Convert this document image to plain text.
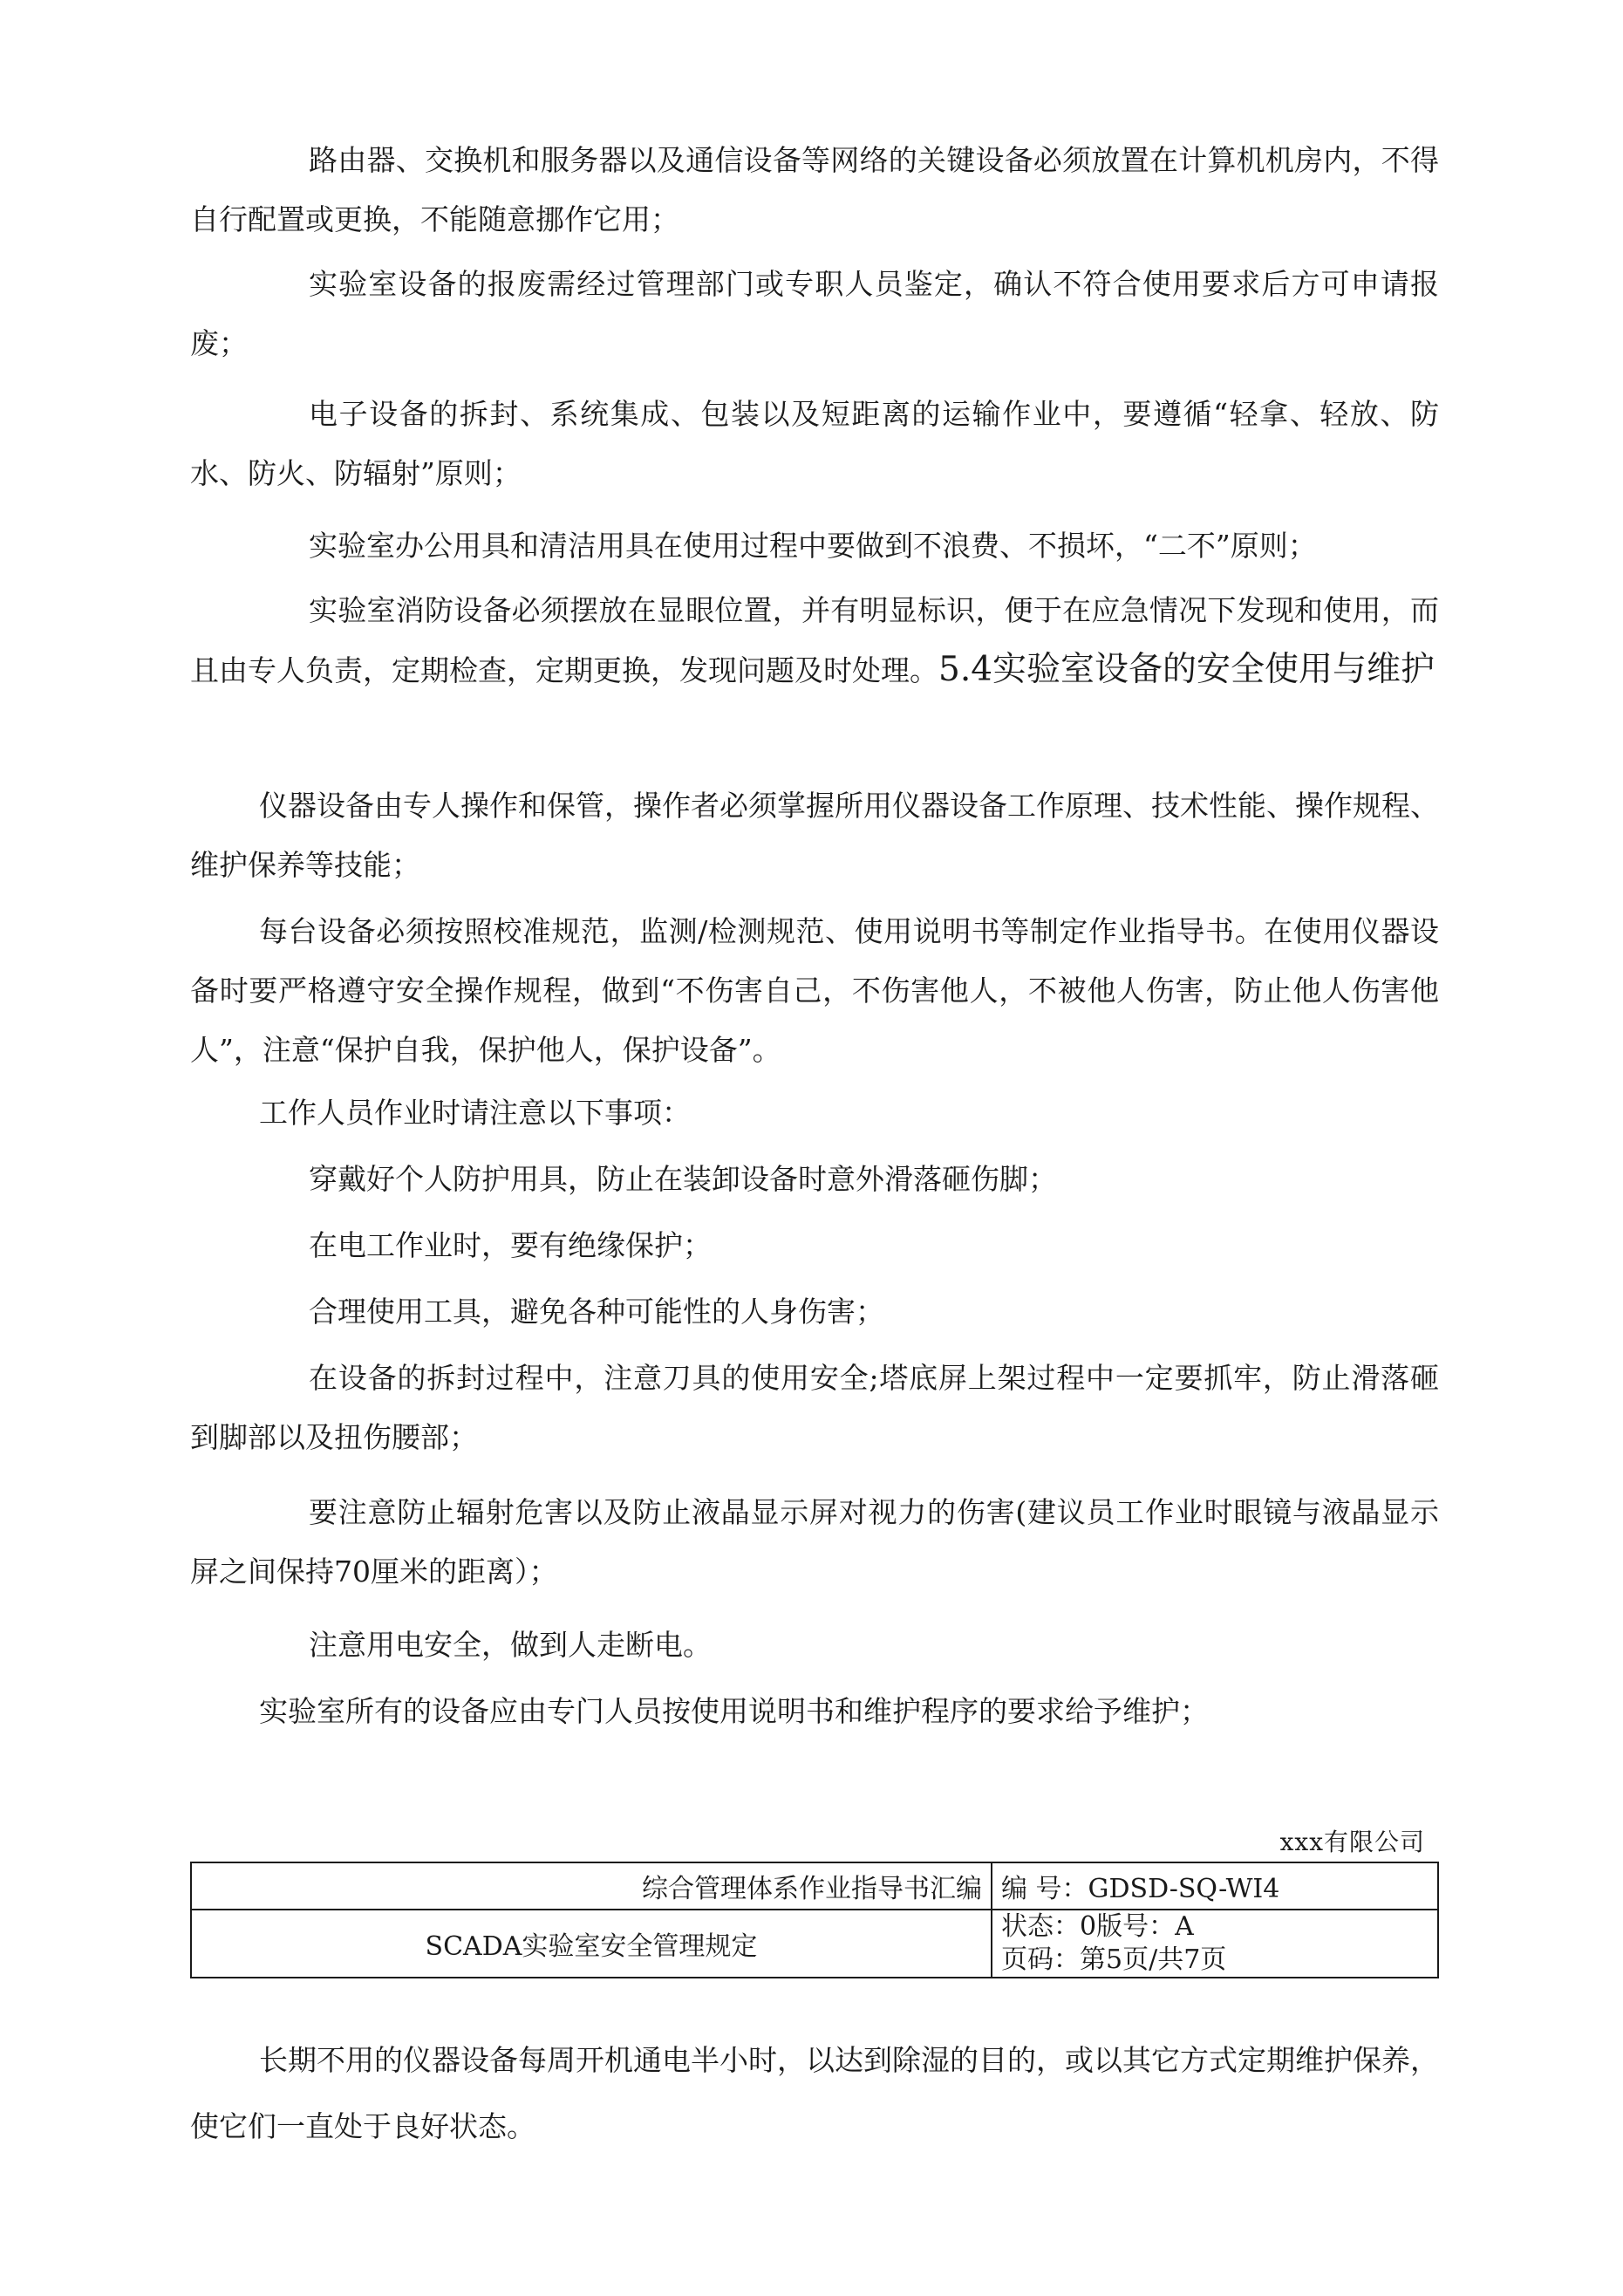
路由器、交换机和服务器以及通信设备等网络的关键设备必须放置在计算机机房内，不得自行配置或更换，不能随意挪作它用；

实验室设备的报废需经过管理部门或专职人员鉴定，确认不符合使用要求后方可申请报废；

电子设备的拆封、系统集成、包装以及短距离的运输作业中，要遵循“轻拿、轻放、防水、防火、防辐射”原则；

实验室办公用具和清洁用具在使用过程中要做到不浪费、不损坏，“二不”原则；

实验室消防设备必须摆放在显眼位置，并有明显标识，便于在应急情况下发现和使用，而且由专人负责，定期检查，定期更换，发现问题及时处理。5.4实验室设备的安全使用与维护

仪器设备由专人操作和保管，操作者必须掌握所用仪器设备工作原理、技术性能、操作规程、维护保养等技能；

每台设备必须按照校准规范，监测/检测规范、使用说明书等制定作业指导书。在使用仪器设备时要严格遵守安全操作规程，做到“不伤害自己，不伤害他人，不被他人伤害，防止他人伤害他人”，注意“保护自我，保护他人，保护设备”。

工作人员作业时请注意以下事项：

穿戴好个人防护用具，防止在装卸设备时意外滑落砸伤脚；

在电工作业时，要有绝缘保护；

合理使用工具，避免各种可能性的人身伤害；

在设备的拆封过程中，注意刀具的使用安全;塔底屏上架过程中一定要抓牢，防止滑落砸到脚部以及扭伤腰部；

要注意防止辐射危害以及防止液晶显示屏对视力的伤害(建议员工作业时眼镜与液晶显示屏之间保持70厘米的距离）；

注意用电安全，做到人走断电。

实验室所有的设备应由专门人员按使用说明书和维护程序的要求给予维护；

xxx有限公司
综合管理体系作业指导书汇编	编 号：GDSD-SQ-WI4
SCADA实验室安全管理规定	状态：0版号：A
页码：第5页/共7页

长期不用的仪器设备每周开机通电半小时，以达到除湿的目的，或以其它方式定期维护保养，使它们一直处于良好状态。
